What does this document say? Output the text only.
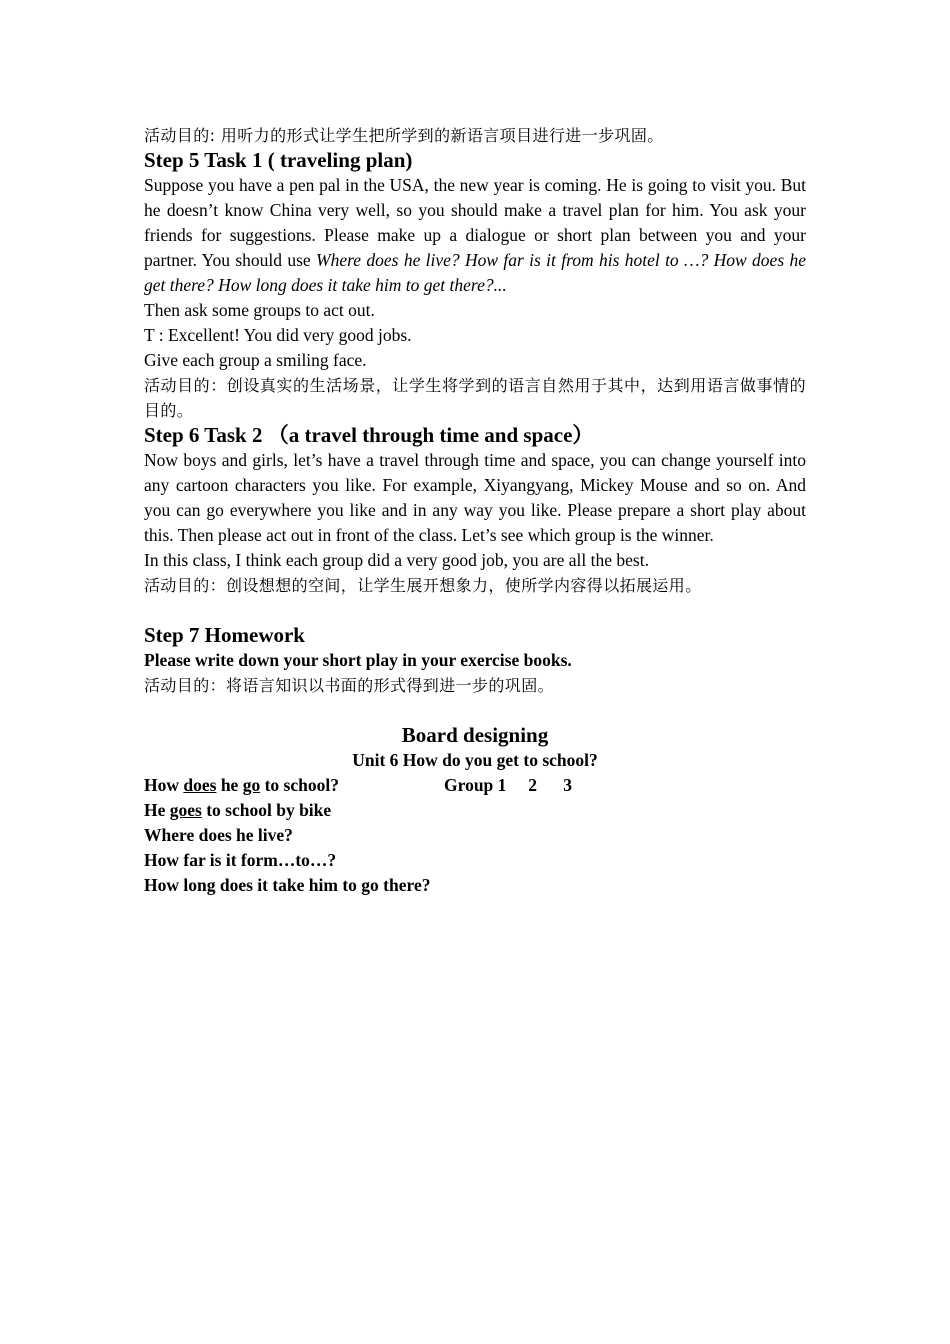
活动目的: 用听力的形式让学生把所学到的新语言项目进行进一步巩固。

Step 5 Task 1 ( traveling plan)

Suppose you have a pen pal in the USA, the new year is coming. He is going to visit you. But he doesn’t know China very well, so you should make a travel plan for him. You ask your friends for suggestions. Please make up a dialogue or short plan between you and your partner. You should use Where does he live? How far is it from his hotel to …? How does he get there? How long does it take him to get there?...

Then ask some groups to act out.

T : Excellent! You did very good jobs.

Give each group a smiling face.

活动目的：创设真实的生活场景，让学生将学到的语言自然用于其中，达到用语言做事情的目的。

Step 6 Task 2 （a travel through time and space）

Now boys and girls, let’s have a travel through time and space, you can change yourself into any cartoon characters you like. For example, Xiyangyang, Mickey Mouse and so on. And you can go everywhere you like and in any way you like. Please prepare a short play about this. Then please act out in front of the class. Let’s see which group is the winner.

In this class, I think each group did a very good job, you are all the best.

活动目的：创设想想的空间，让学生展开想象力，使所学内容得以拓展运用。

Step 7 Homework

Please write down your short play in your exercise books.

活动目的：将语言知识以书面的形式得到进一步的巩固。

Board designing

Unit 6 How do you get to school?

How does he go to school?	Group 1     2      3

He goes to school by bike

Where does he live?

How far is it form…to…?

How long does it take him to go there?
